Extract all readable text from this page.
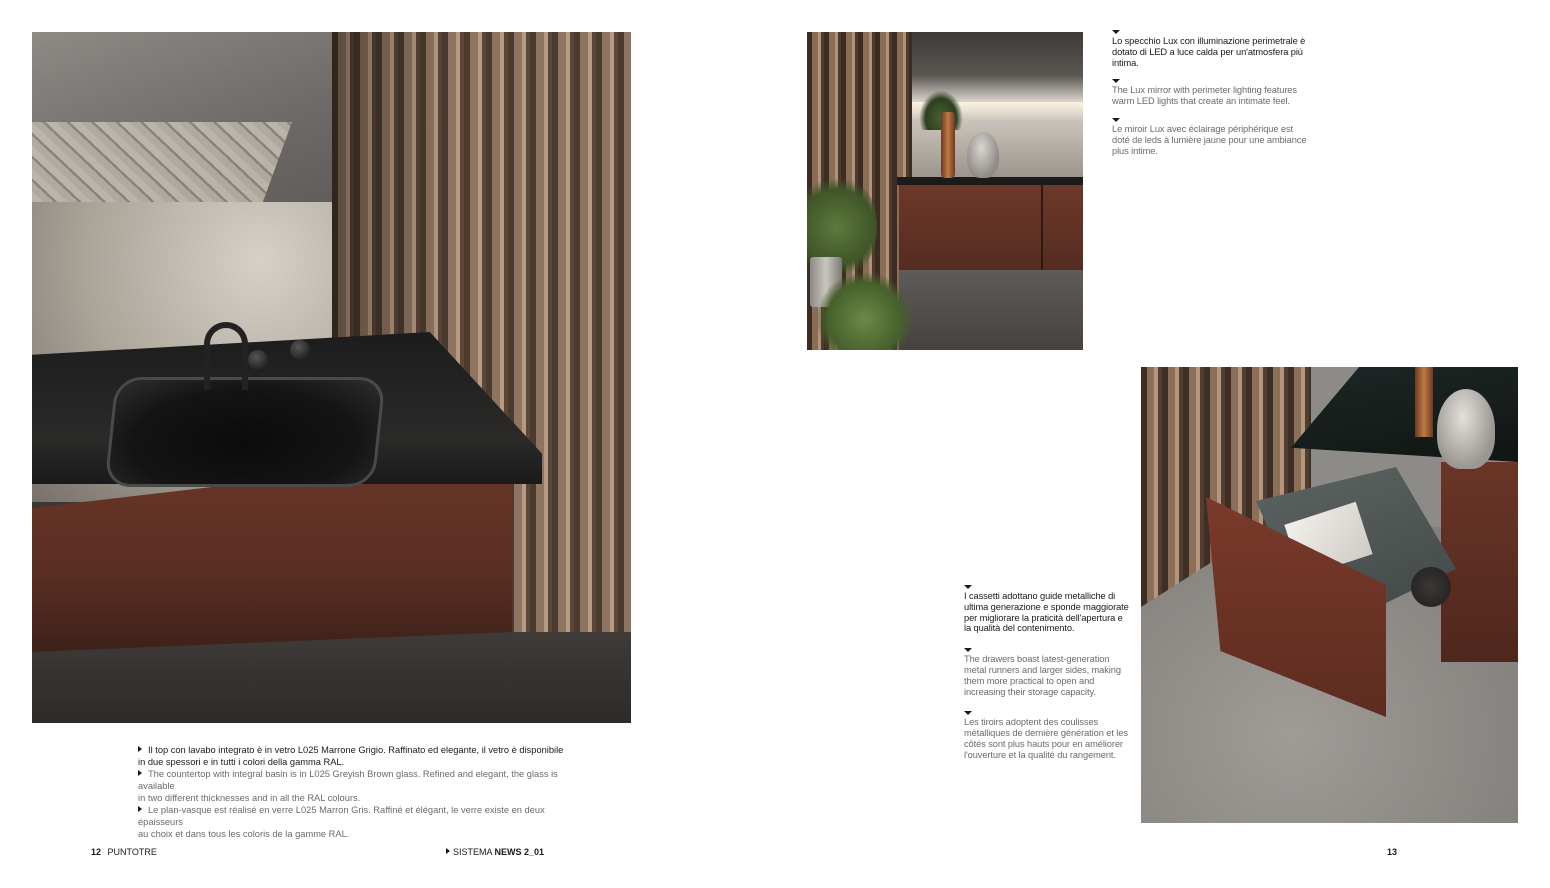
Lo specchio Lux con illuminazione perimetrale è dotato di LED a luce calda per un'atmosfera più intima.

The Lux mirror with perimeter lighting features warm LED lights that create an intimate feel.

Le miroir Lux avec éclairage périphérique est doté de leds à lumière jaune pour une ambiance plus intime.

I cassetti adottano guide metalliche di ultima generazione e sponde maggiorate per migliorare la praticità dell'apertura e la qualità del contenimento.

The drawers boast latest-generation metal runners and larger sides, making them more practical to open and increasing their storage capacity.

Les tiroirs adoptent des coulisses métalliques de dernière génération et les côtés sont plus hauts pour en améliorer l'ouverture et la qualité du rangement.

Il top con lavabo integrato è in vetro L025 Marrone Grigio. Raffinato ed elegante, il vetro è disponibile
in due spessori e in tutti i colori della gamma RAL.
The countertop with integral basin is in L025 Greyish Brown glass. Refined and elegant, the glass is available
in two different thicknesses and in all the RAL colours.
Le plan-vasque est réalisé en verre L025 Marron Gris. Raffiné et élégant, le verre existe en deux épaisseurs
au choix et dans tous les coloris de la gamme RAL.
12 PUNTOTRE	SISTEMA NEWS 2_01	13
